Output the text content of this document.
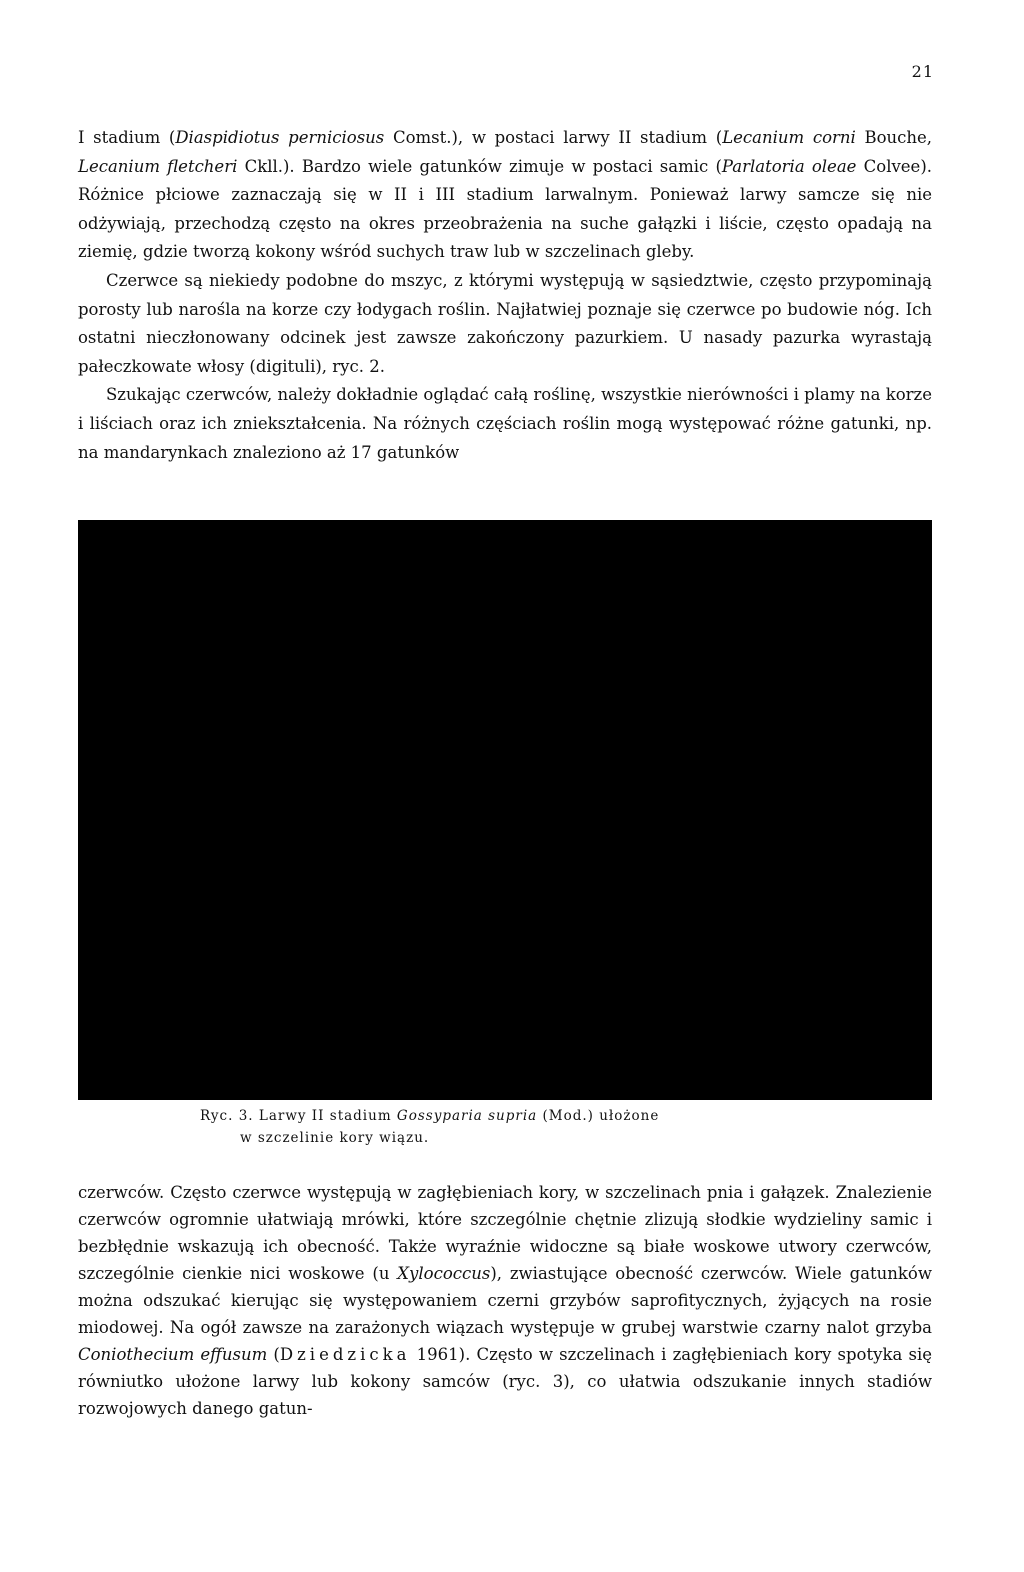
21

I stadium (Diaspidiotus perniciosus Comst.), w postaci larwy II stadium (Lecanium corni Bouche, Lecanium fletcheri Ckll.). Bardzo wiele gatunków zimuje w postaci samic (Parlatoria oleae Colvee). Różnice płciowe zaznaczają się w II i III stadium larwalnym. Ponieważ larwy samcze się nie odżywiają, przechodzą często na okres przeobrażenia na suche gałązki i liście, często opadają na ziemię, gdzie tworzą kokony wśród suchych traw lub w szczelinach gleby.

Czerwce są niekiedy podobne do mszyc, z którymi występują w sąsiedztwie, często przypominają porosty lub narośla na korze czy łodygach roślin. Najłatwiej poznaje się czerwce po budowie nóg. Ich ostatni nieczłonowany odcinek jest zawsze zakończony pazurkiem. U nasady pazurka wyrastają pałeczkowate włosy (digituli), ryc. 2.

Szukając czerwców, należy dokładnie oglądać całą roślinę, wszystkie nierówności i plamy na korze i liściach oraz ich zniekształcenia. Na różnych częściach roślin mogą występować różne gatunki, np. na mandarynkach znaleziono aż 17 gatunków

Ryc. 3. Larwy II stadium Gossyparia supria (Mod.) ułożone
w szczelinie kory wiązu.

czerwców. Często czerwce występują w zagłębieniach kory, w szczelinach pnia i gałązek. Znalezienie czerwców ogromnie ułatwiają mrówki, które szczególnie chętnie zlizują słodkie wydzieliny samic i bezbłędnie wskazują ich obecność. Także wyraźnie widoczne są białe woskowe utwory czerwców, szczególnie cienkie nici woskowe (u Xylococcus), zwiastujące obecność czerwców. Wiele gatunków można odszukać kierując się występowaniem czerni grzybów saprofitycznych, żyjących na rosie miodowej. Na ogół zawsze na zarażonych wiązach występuje w grubej warstwie czarny nalot grzyba Coniothecium effusum (Dziedzicka 1961). Często w szczelinach i zagłębieniach kory spotyka się równiutko ułożone larwy lub kokony samców (ryc. 3), co ułatwia odszukanie innych stadiów rozwojowych danego gatun-
